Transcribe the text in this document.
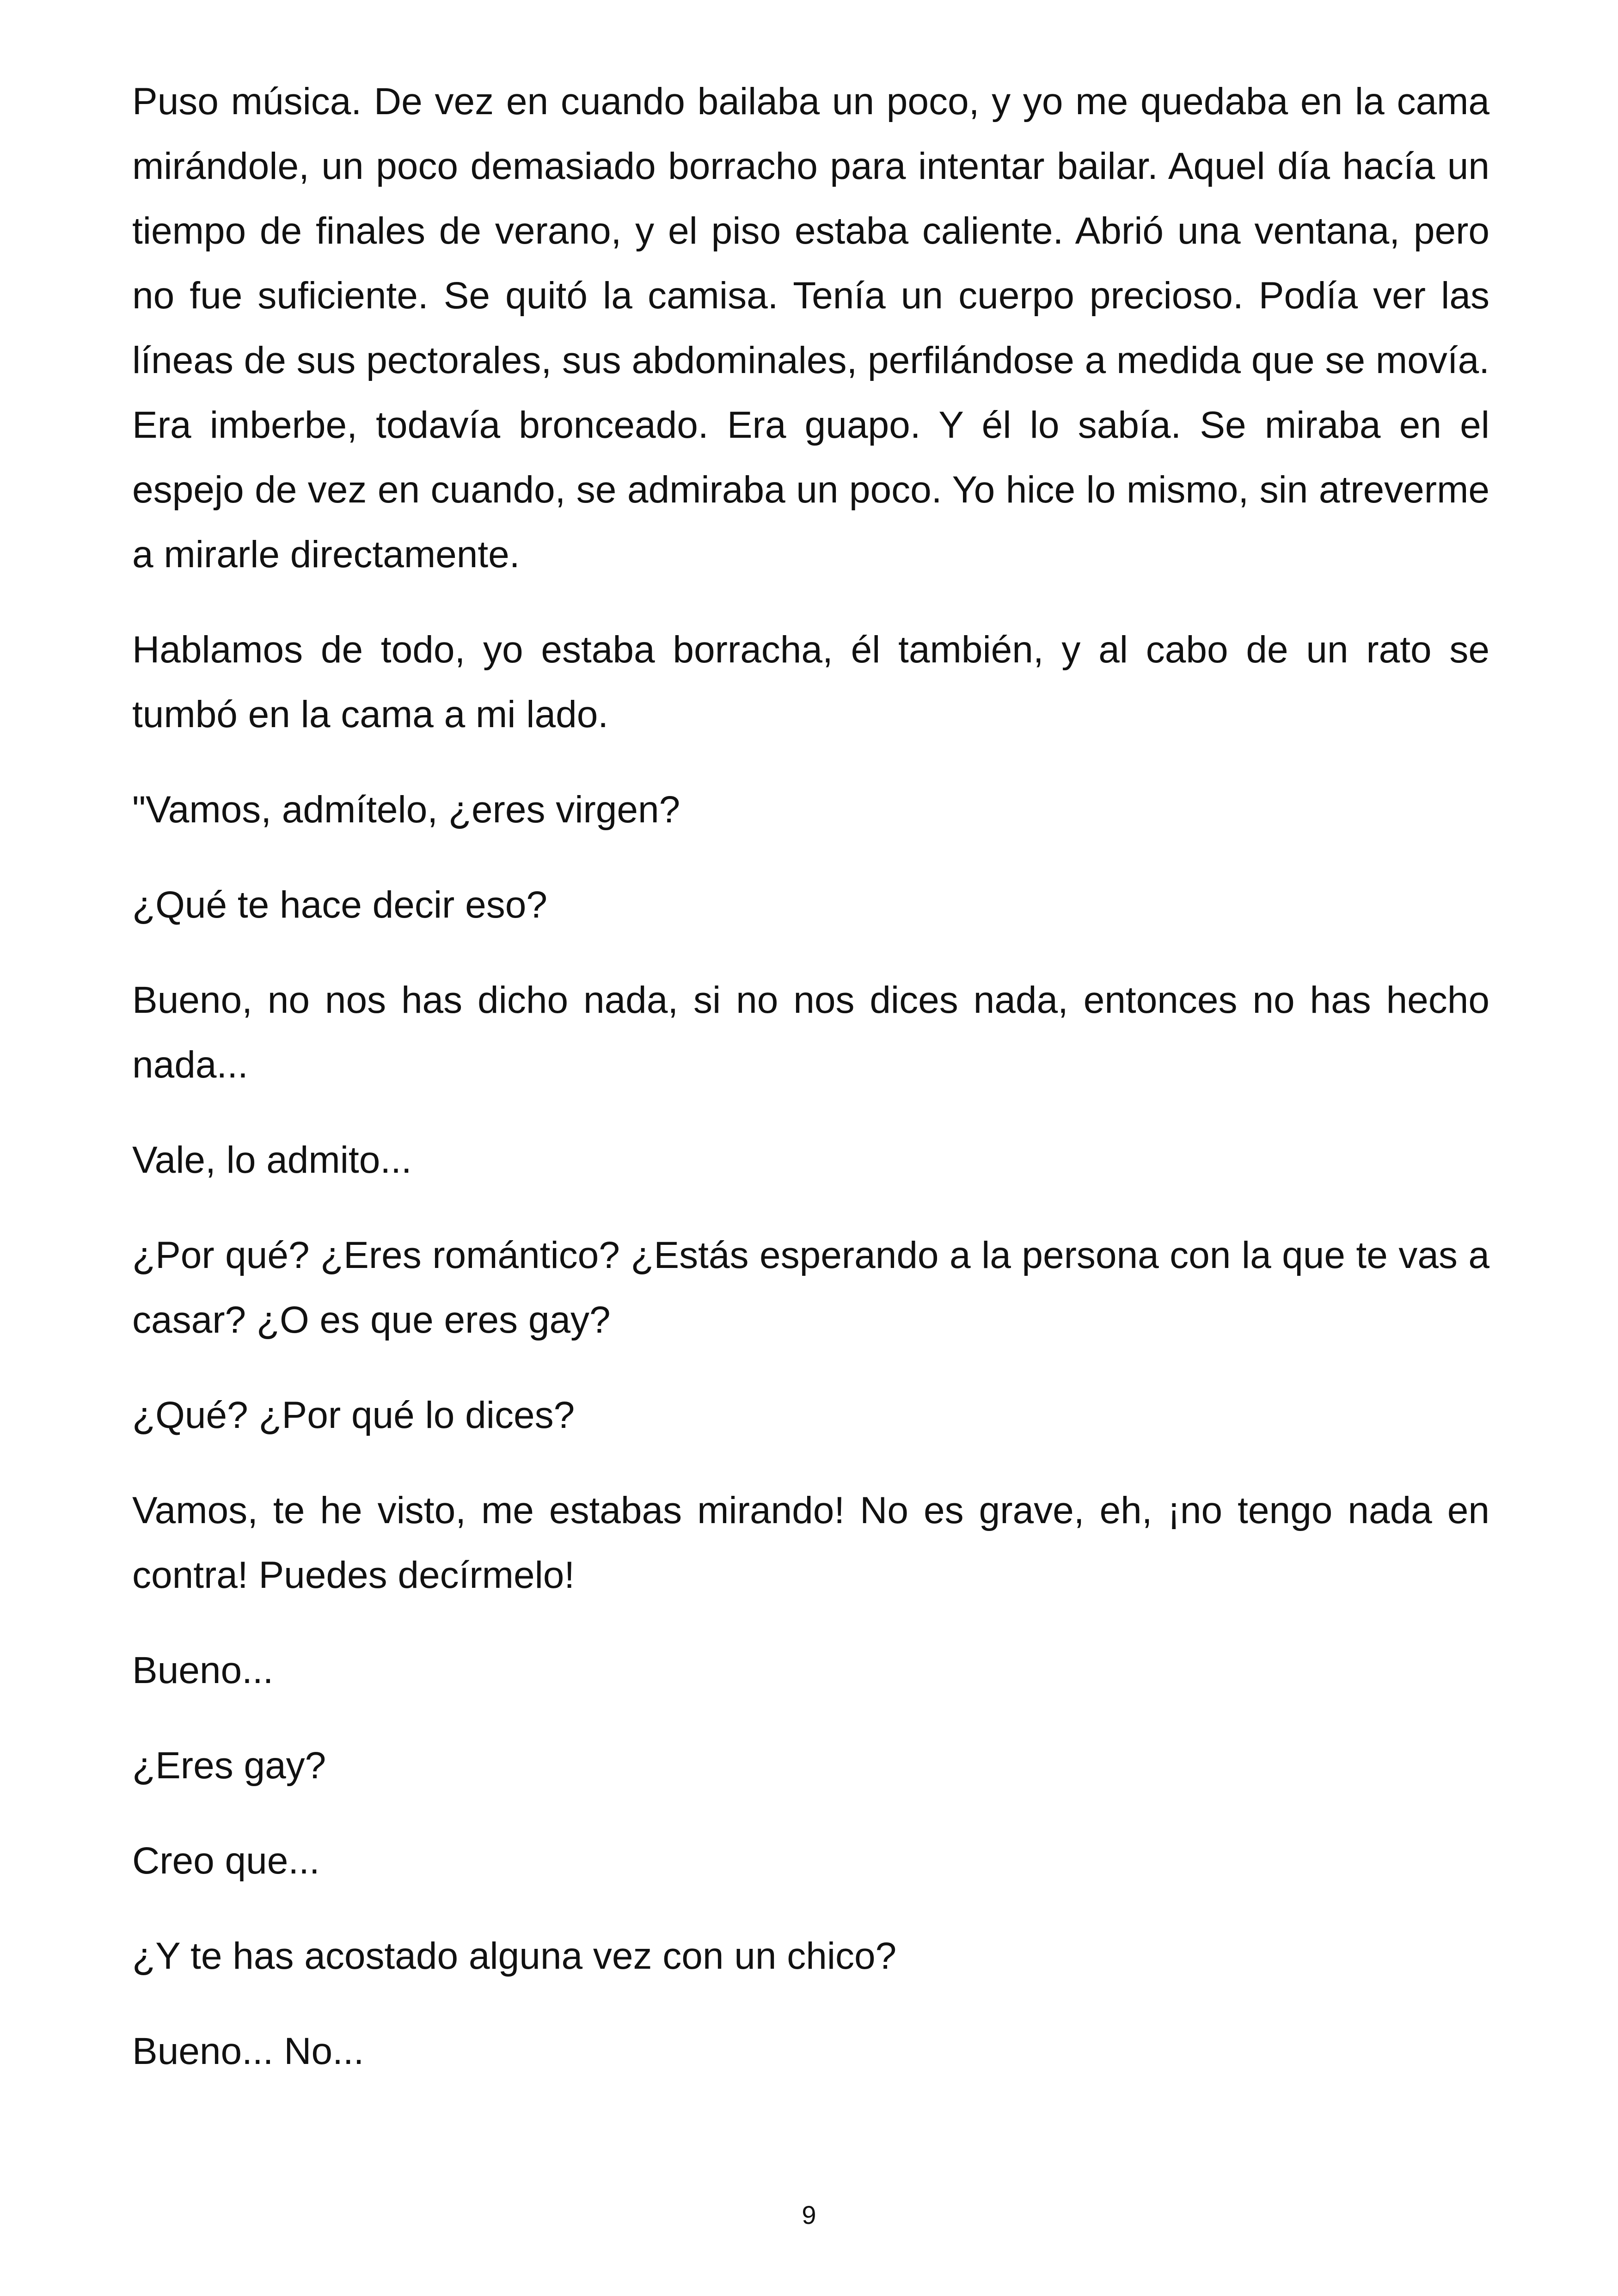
Puso música. De vez en cuando bailaba un poco, y yo me quedaba en la cama mirándole, un poco demasiado borracho para intentar bailar. Aquel día hacía un tiempo de finales de verano, y el piso estaba caliente. Abrió una ventana, pero no fue suficiente. Se quitó la camisa. Tenía un cuerpo precioso. Podía ver las líneas de sus pectorales, sus abdominales, perfilándose a medida que se movía. Era imberbe, todavía bronceado. Era guapo. Y él lo sabía. Se miraba en el espejo de vez en cuando, se admiraba un poco. Yo hice lo mismo, sin atreverme a mirarle directamente.

Hablamos de todo, yo estaba borracha, él también, y al cabo de un rato se tumbó en la cama a mi lado.

"Vamos, admítelo, ¿eres virgen?

¿Qué te hace decir eso?

Bueno, no nos has dicho nada, si no nos dices nada, entonces no has hecho nada...

Vale, lo admito...

¿Por qué? ¿Eres romántico? ¿Estás esperando a la persona con la que te vas a casar? ¿O es que eres gay?

¿Qué? ¿Por qué lo dices?

Vamos, te he visto, me estabas mirando! No es grave, eh, ¡no tengo nada en contra! Puedes decírmelo!

Bueno...

¿Eres gay?

Creo que...

¿Y te has acostado alguna vez con un chico?

Bueno... No...

9
